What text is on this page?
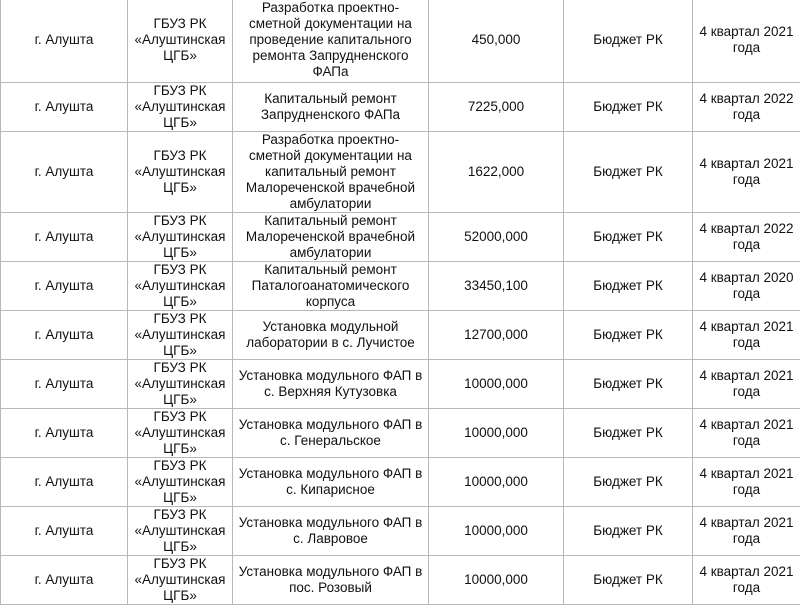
г. Алушта	ГБУЗ РК «Алуштинская ЦГБ»	Разработка проектно-сметной документации на проведение капитального ремонта Запрудненского ФАПа	450,000	Бюджет РК	4 квартал 2021 года
г. Алушта	ГБУЗ РК «Алуштинская ЦГБ»	Капитальный ремонт Запрудненского ФАПа	7225,000	Бюджет РК	4 квартал 2022 года
г. Алушта	ГБУЗ РК «Алуштинская ЦГБ»	Разработка проектно-сметной документации на капитальный ремонт Малореченской врачебной амбулатории	1622,000	Бюджет РК	4 квартал 2021 года
г. Алушта	ГБУЗ РК «Алуштинская ЦГБ»	Капитальный ремонт Малореченской врачебной амбулатории	52000,000	Бюджет РК	4 квартал 2022 года
г. Алушта	ГБУЗ РК «Алуштинская ЦГБ»	Капитальный ремонт Паталогоанатомического корпуса	33450,100	Бюджет РК	4 квартал 2020 года
г. Алушта	ГБУЗ РК «Алуштинская ЦГБ»	Установка модульной лаборатории в с. Лучистое	12700,000	Бюджет РК	4 квартал 2021 года
г. Алушта	ГБУЗ РК «Алуштинская ЦГБ»	Установка модульного ФАП в с. Верхняя Кутузовка	10000,000	Бюджет РК	4 квартал 2021 года
г. Алушта	ГБУЗ РК «Алуштинская ЦГБ»	Установка модульного ФАП в с. Генеральское	10000,000	Бюджет РК	4 квартал 2021 года
г. Алушта	ГБУЗ РК «Алуштинская ЦГБ»	Установка модульного ФАП в с. Кипарисное	10000,000	Бюджет РК	4 квартал 2021 года
г. Алушта	ГБУЗ РК «Алуштинская ЦГБ»	Установка модульного ФАП в с. Лавровое	10000,000	Бюджет РК	4 квартал 2021 года
г. Алушта	ГБУЗ РК «Алуштинская ЦГБ»	Установка модульного ФАП в пос. Розовый	10000,000	Бюджет РК	4 квартал 2021 года
